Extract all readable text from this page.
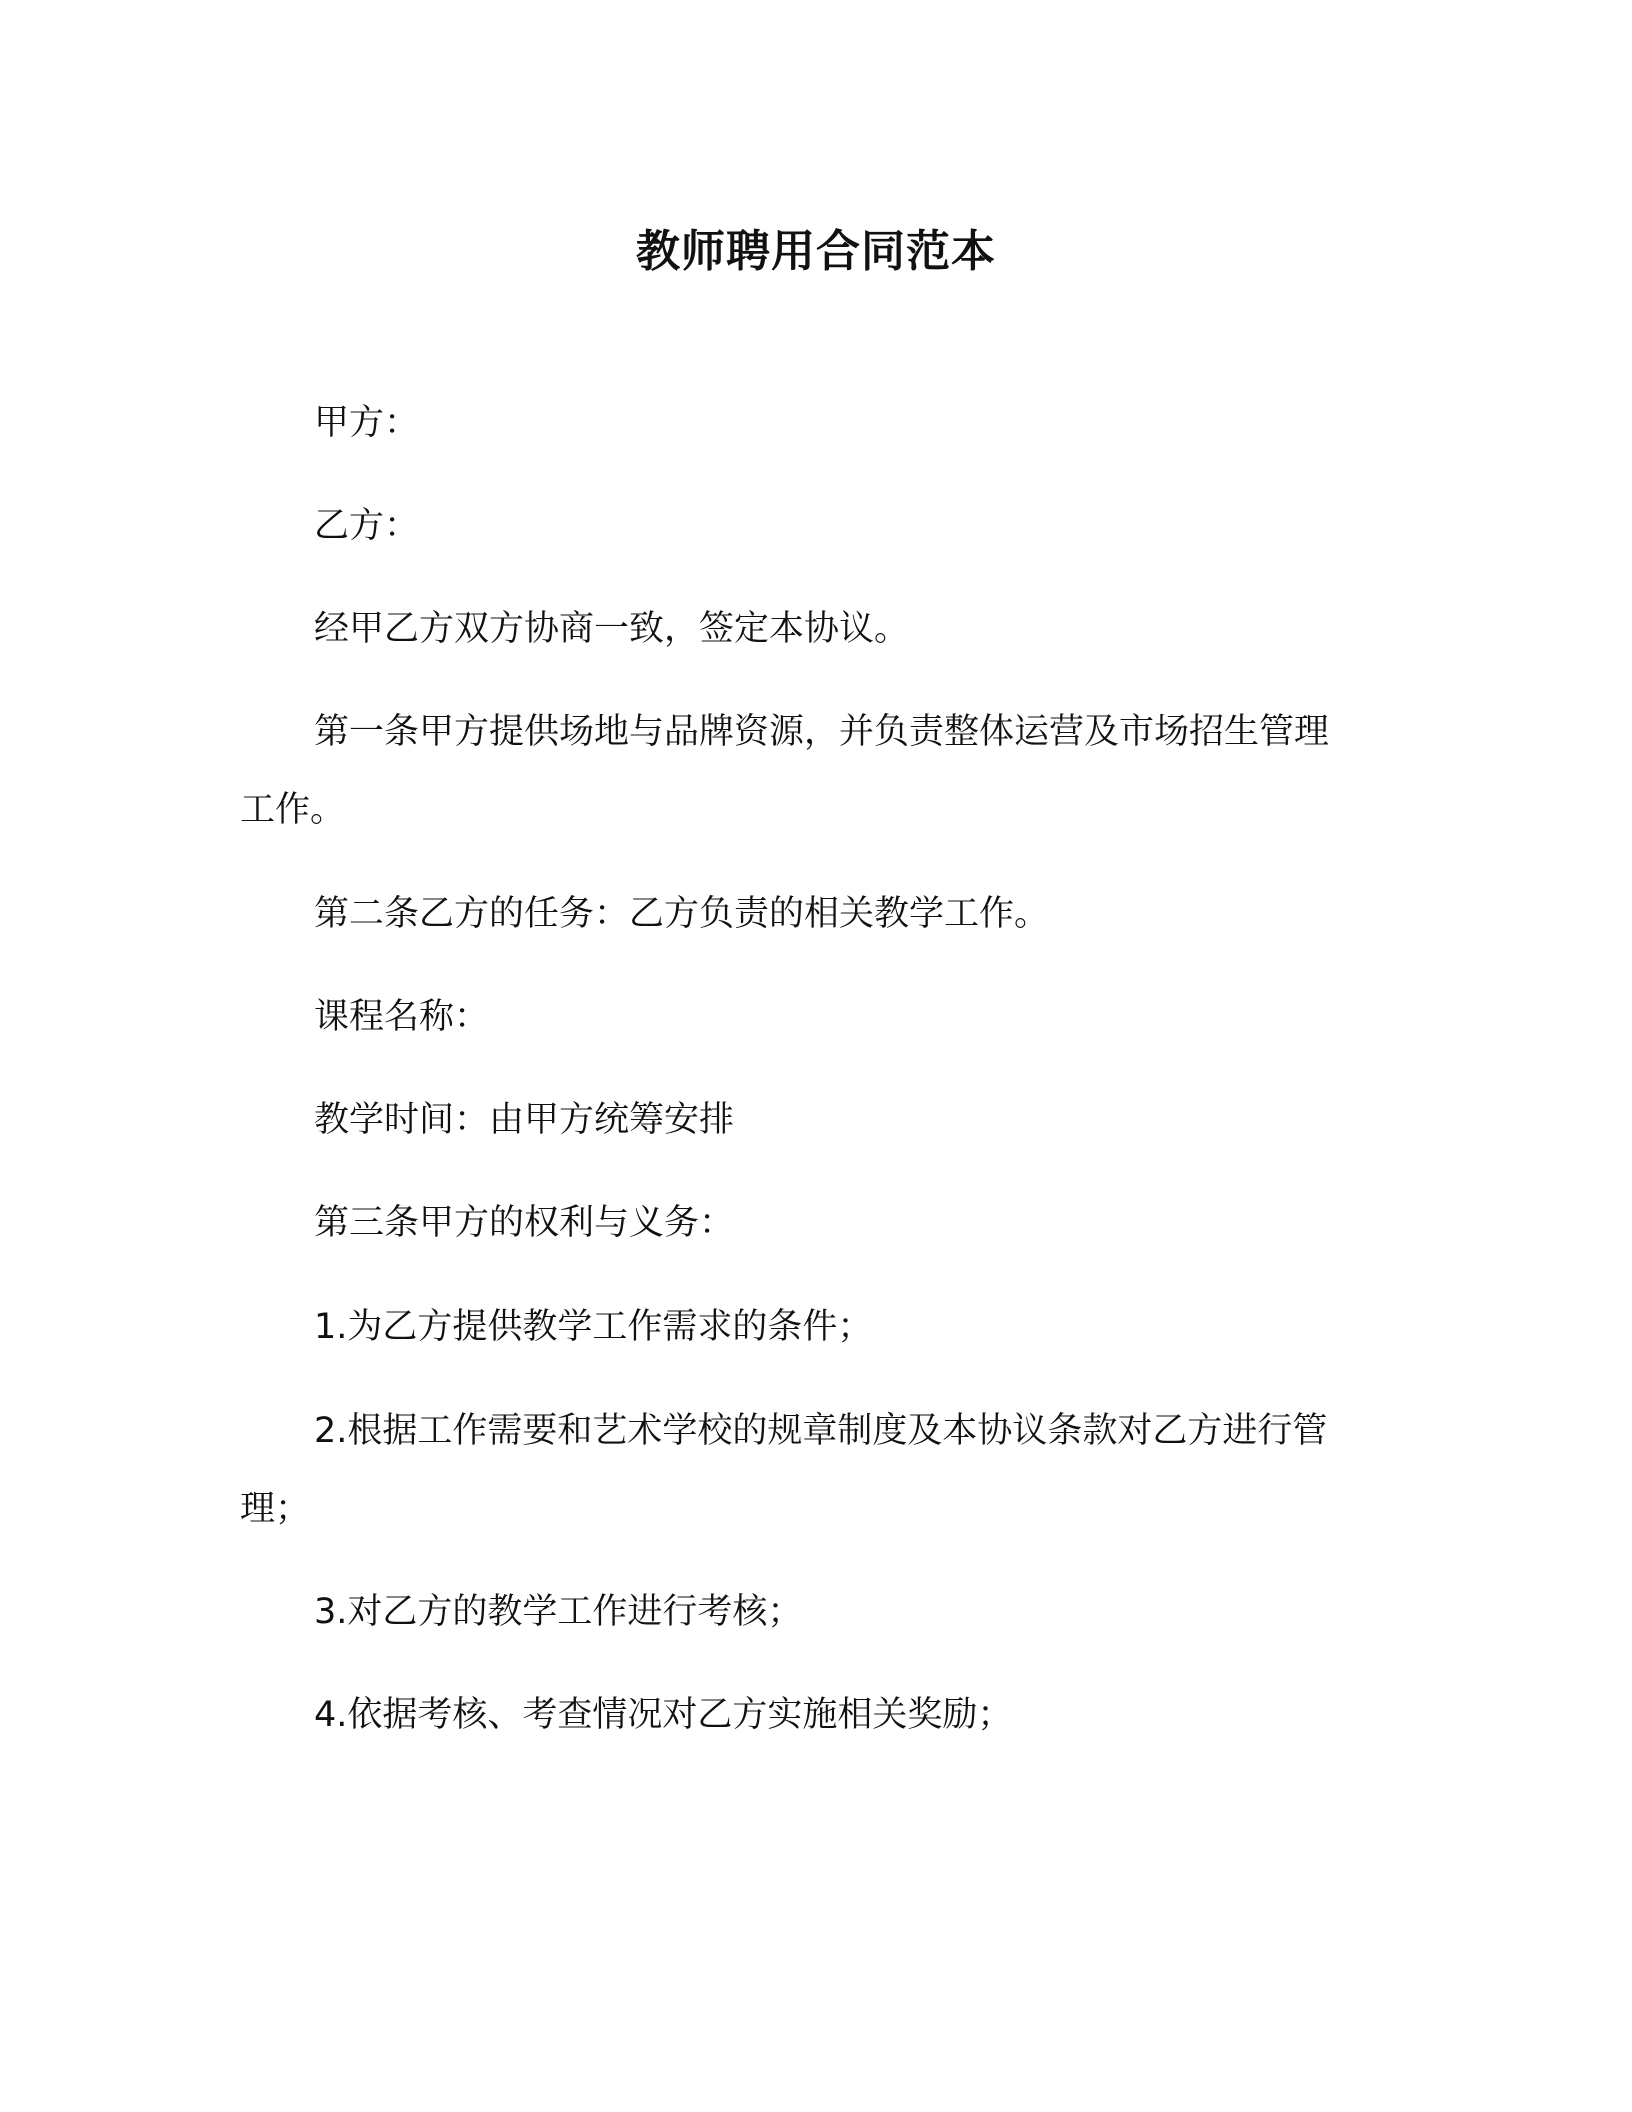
教师聘用合同范本
甲方：
乙方：
经甲乙方双方协商一致，签定本协议。
第一条甲方提供场地与品牌资源，并负责整体运营及市场招生管理工作。
第二条乙方的任务：乙方负责的相关教学工作。
课程名称：
教学时间：由甲方统筹安排
第三条甲方的权利与义务：
1.为乙方提供教学工作需求的条件；
2.根据工作需要和艺术学校的规章制度及本协议条款对乙方进行管理；
3.对乙方的教学工作进行考核；
4.依据考核、考查情况对乙方实施相关奖励；
